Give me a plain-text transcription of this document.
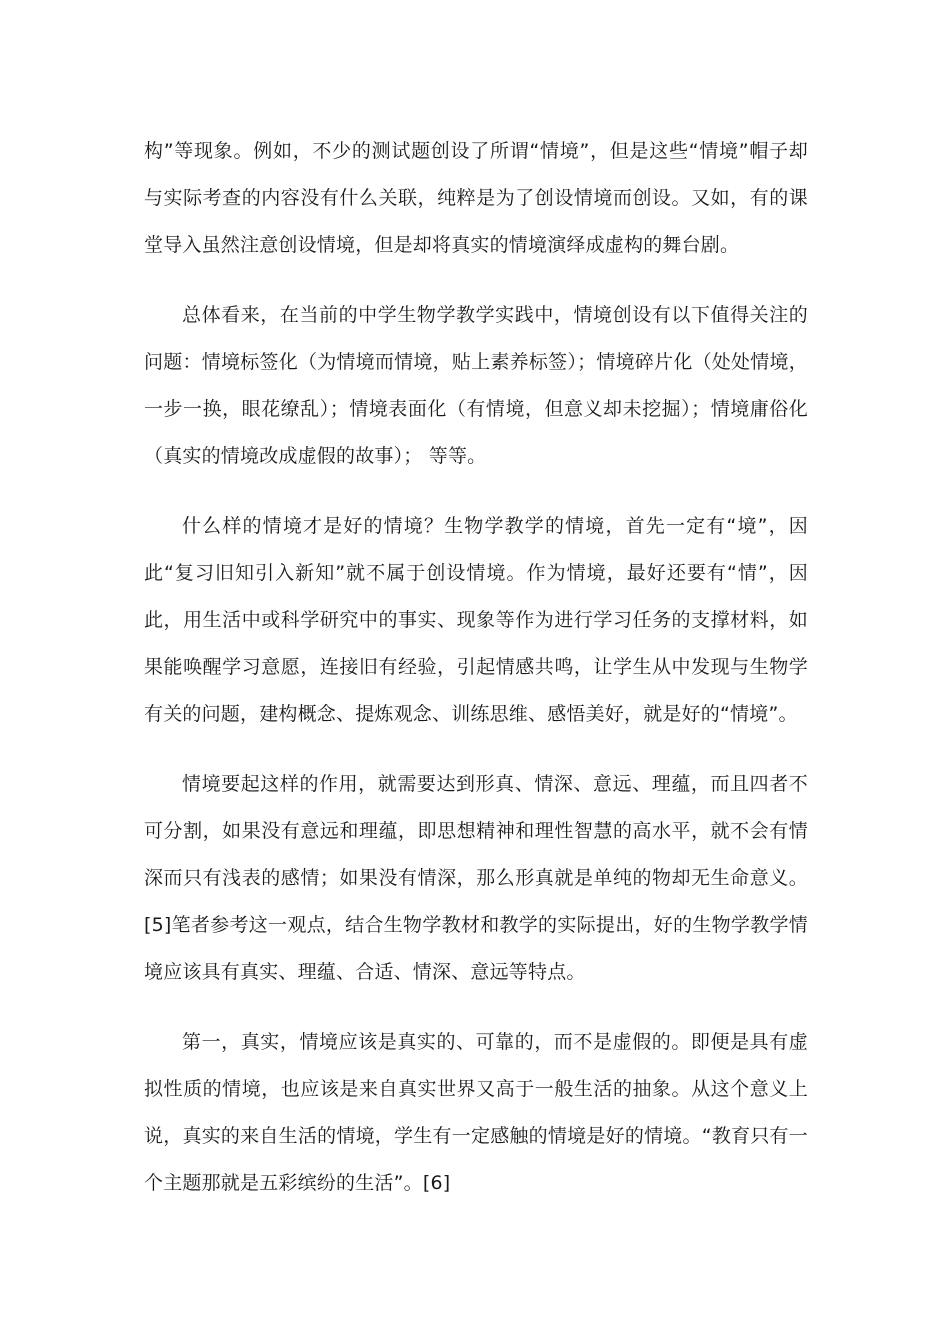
构”等现象。例如，不少的测试题创设了所谓“情境”，但是这些“情境”帽子却与实际考查的内容没有什么关联，纯粹是为了创设情境而创设。又如，有的课堂导入虽然注意创设情境，但是却将真实的情境演绎成虚构的舞台剧。

总体看来，在当前的中学生物学教学实践中，情境创设有以下值得关注的问题：情境标签化（为情境而情境，贴上素养标签）；情境碎片化（处处情境，一步一换，眼花缭乱）；情境表面化（有情境，但意义却未挖掘）；情境庸俗化（真实的情境改成虚假的故事）； 等等。

什么样的情境才是好的情境？生物学教学的情境，首先一定有“境”，因此“复习旧知引入新知”就不属于创设情境。作为情境，最好还要有“情”，因此，用生活中或科学研究中的事实、现象等作为进行学习任务的支撑材料，如果能唤醒学习意愿，连接旧有经验，引起情感共鸣，让学生从中发现与生物学有关的问题，建构概念、提炼观念、训练思维、感悟美好，就是好的“情境”。

情境要起这样的作用，就需要达到形真、情深、意远、理蕴，而且四者不可分割，如果没有意远和理蕴，即思想精神和理性智慧的高水平，就不会有情深而只有浅表的感情；如果没有情深，那么形真就是单纯的物却无生命意义。[5]笔者参考这一观点，结合生物学教材和教学的实际提出，好的生物学教学情境应该具有真实、理蕴、合适、情深、意远等特点。

第一，真实，情境应该是真实的、可靠的，而不是虚假的。即便是具有虚拟性质的情境，也应该是来自真实世界又高于一般生活的抽象。从这个意义上说，真实的来自生活的情境，学生有一定感触的情境是好的情境。“教育只有一个主题那就是五彩缤纷的生活”。[6]
